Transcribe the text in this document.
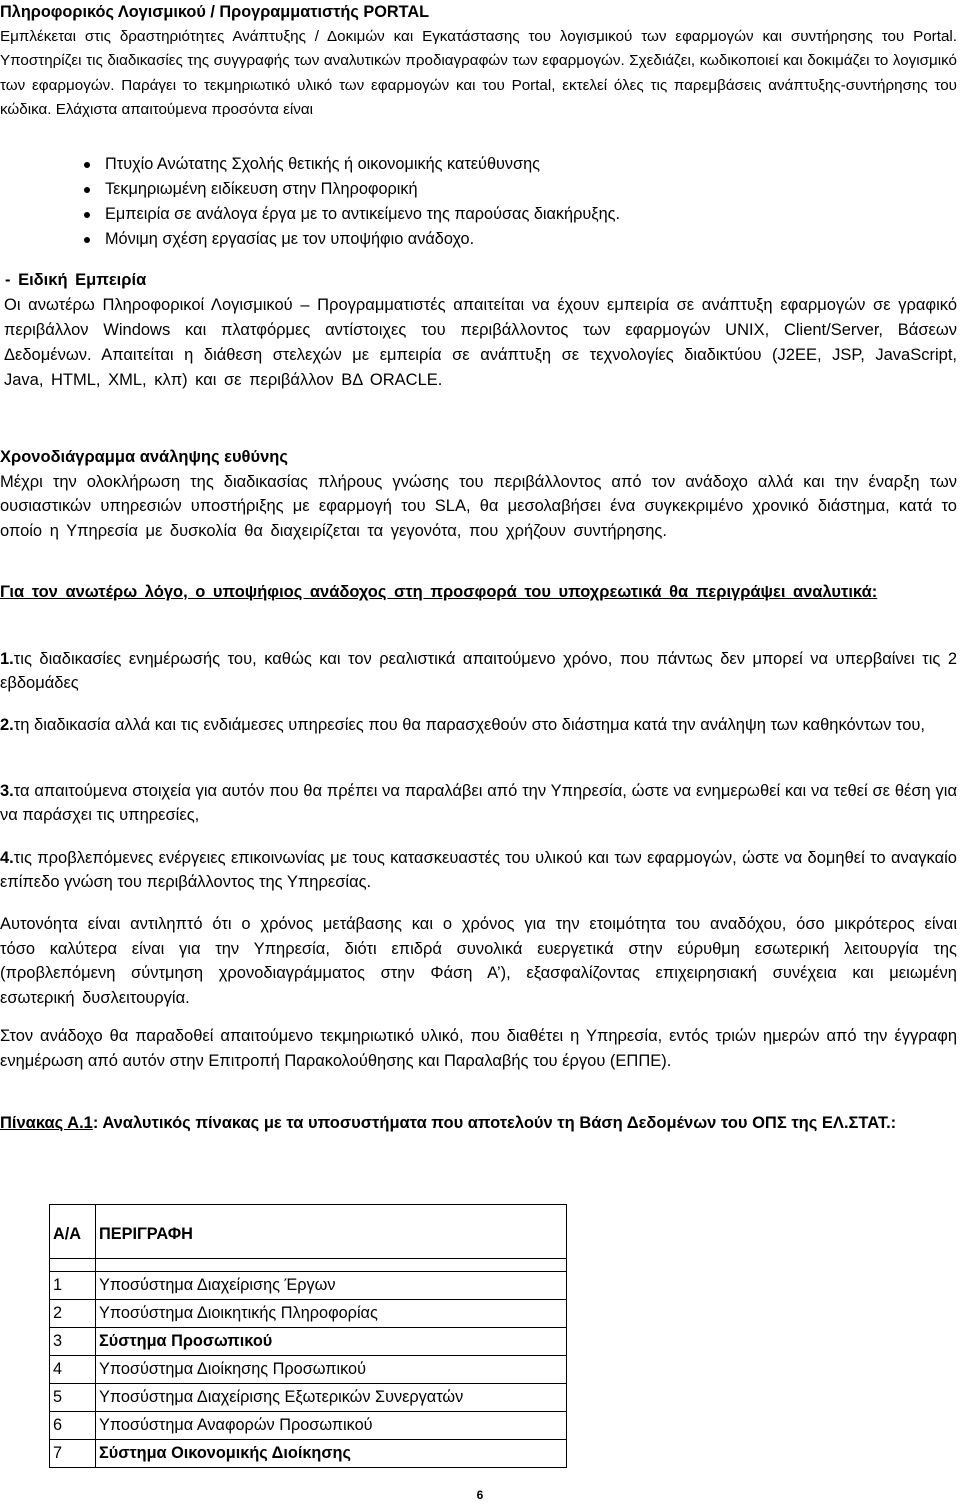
Πληροφορικός Λογισμικού / Προγραμματιστής PORTAL
Εμπλέκεται στις δραστηριότητες Ανάπτυξης / Δοκιμών και Εγκατάστασης του λογισμικού των εφαρμογών και συντήρησης του Portal. Υποστηρίζει τις διαδικασίες της συγγραφής των αναλυτικών προδιαγραφών των εφαρμογών. Σχεδιάζει, κωδικοποιεί και δοκιμάζει το λογισμικό των εφαρμογών. Παράγει το τεκμηριωτικό υλικό των εφαρμογών και του Portal, εκτελεί όλες τις παρεμβάσεις ανάπτυξης-συντήρησης του κώδικα. Ελάχιστα απαιτούμενα προσόντα είναι
Πτυχίο Ανώτατης Σχολής θετικής ή οικονομικής κατεύθυνσης
Τεκμηριωμένη ειδίκευση στην Πληροφορική
Εμπειρία σε ανάλογα έργα με το αντικείμενο της παρούσας διακήρυξης.
Μόνιμη σχέση εργασίας με τον υποψήφιο ανάδοχο.
- Ειδική Εμπειρία
Οι ανωτέρω Πληροφορικοί Λογισμικού – Προγραμματιστές απαιτείται να έχουν εμπειρία σε ανάπτυξη εφαρμογών σε γραφικό περιβάλλον Windows και πλατφόρμες αντίστοιχες του περιβάλλοντος των εφαρμογών UNIX, Client/Server, Βάσεων Δεδομένων. Απαιτείται η διάθεση στελεχών με εμπειρία σε ανάπτυξη σε τεχνολογίες διαδικτύου (J2EE, JSP, JavaScript, Java, HTML, XML, κλπ) και σε περιβάλλον ΒΔ ORACLE.
Χρονοδιάγραμμα ανάληψης ευθύνης
Μέχρι την ολοκλήρωση της διαδικασίας πλήρους γνώσης του περιβάλλοντος από τον ανάδοχο αλλά και την έναρξη των ουσιαστικών υπηρεσιών υποστήριξης με εφαρμογή του SLA, θα μεσολαβήσει ένα συγκεκριμένο χρονικό διάστημα, κατά το οποίο η Υπηρεσία με δυσκολία θα διαχειρίζεται τα γεγονότα, που χρήζουν συντήρησης.
Για τον ανωτέρω λόγο, ο υποψήφιος ανάδοχος στη προσφορά του υποχρεωτικά θα περιγράψει αναλυτικά:
1.τις διαδικασίες ενημέρωσής του, καθώς και τον ρεαλιστικά απαιτούμενο χρόνο, που πάντως δεν μπορεί να υπερβαίνει τις 2 εβδομάδες
2.τη διαδικασία αλλά και τις ενδιάμεσες υπηρεσίες που θα παρασχεθούν στο διάστημα κατά την ανάληψη των καθηκόντων του,
3.τα απαιτούμενα στοιχεία για αυτόν που θα πρέπει να παραλάβει από την Υπηρεσία, ώστε να ενημερωθεί και να τεθεί σε θέση για να παράσχει τις υπηρεσίες,
4.τις προβλεπόμενες ενέργειες επικοινωνίας με τους κατασκευαστές του υλικού και των εφαρμογών, ώστε να δομηθεί το αναγκαίο επίπεδο γνώση του περιβάλλοντος της Υπηρεσίας.
Αυτονόητα είναι αντιληπτό ότι ο χρόνος μετάβασης και ο χρόνος για την ετοιμότητα του αναδόχου, όσο μικρότερος είναι τόσο καλύτερα είναι για την Υπηρεσία, διότι επιδρά συνολικά ευεργετικά στην εύρυθμη εσωτερική λειτουργία της (προβλεπόμενη σύντμηση χρονοδιαγράμματος στην Φάση Α’), εξασφαλίζοντας επιχειρησιακή συνέχεια και μειωμένη εσωτερική δυσλειτουργία.
Στον ανάδοχο θα παραδοθεί απαιτούμενο τεκμηριωτικό υλικό, που διαθέτει η Υπηρεσία, εντός τριών ημερών από την έγγραφη ενημέρωση από αυτόν στην Επιτροπή Παρακολούθησης και Παραλαβής του έργου (ΕΠΠΕ).
Πίνακας Α.1: Αναλυτικός πίνακας με τα υποσυστήματα που αποτελούν τη Βάση Δεδομένων του ΟΠΣ της ΕΛ.ΣΤΑΤ.:
Α/Α	ΠΕΡΙΓΡΑΦΗ

1	Υποσύστημα Διαχείρισης Έργων
2	Υποσύστημα Διοικητικής Πληροφορίας
3	Σύστημα Προσωπικού
4	Υποσύστημα Διοίκησης Προσωπικού
5	Υποσύστημα Διαχείρισης Εξωτερικών Συνεργατών
6	Υποσύστημα Αναφορών Προσωπικού
7	Σύστημα Οικονομικής Διοίκησης
6
